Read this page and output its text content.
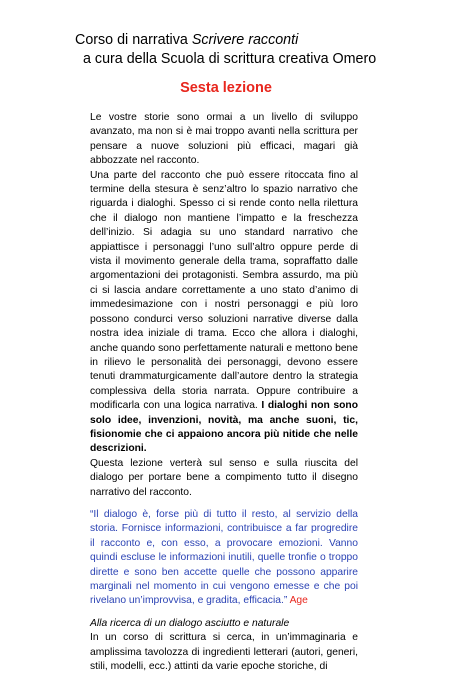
Corso di narrativa Scrivere racconti
a cura della Scuola di scrittura creativa Omero
Sesta lezione

Le vostre storie sono ormai a un livello di sviluppo avanzato, ma non si è mai troppo avanti nella scrittura per pensare a nuove soluzioni più efficaci, magari già abbozzate nel racconto.

Una parte del racconto che può essere ritoccata fino al termine della stesura è senz’altro lo spazio narrativo che riguarda i dialoghi. Spesso ci si rende conto nella rilettura che il dialogo non mantiene l’impatto e la freschezza dell’inizio. Si adagia su uno standard narrativo che appiattisce i personaggi l’uno sull’altro oppure perde di vista il movimento generale della trama, sopraffatto dalle argomentazioni dei protagonisti. Sembra assurdo, ma più ci si lascia andare correttamente a uno stato d’animo di immedesimazione con i nostri personaggi e più loro possono condurci verso soluzioni narrative diverse dalla nostra idea iniziale di trama. Ecco che allora i dialoghi, anche quando sono perfettamente naturali e mettono bene in rilievo le personalità dei personaggi, devono essere tenuti drammaturgicamente dall’autore dentro la strategia complessiva della storia narrata. Oppure contribuire a modificarla con una logica narrativa. I dialoghi non sono solo idee, invenzioni, novità, ma anche suoni, tic, fisionomie che ci appaiono ancora più nitide che nelle descrizioni.

Questa lezione verterà sul senso e sulla riuscita del dialogo per portare bene a compimento tutto il disegno narrativo del racconto.

“Il dialogo è, forse più di tutto il resto, al servizio della storia. Fornisce informazioni, contribuisce a far progredire il racconto e, con esso, a provocare emozioni. Vanno quindi escluse le informazioni inutili, quelle tronfie o troppo dirette e sono ben accette quelle che possono apparire marginali nel momento in cui vengono emesse e che poi rivelano un’improvvisa, e gradita, efficacia.” Age

Alla ricerca di un dialogo asciutto e naturale

In un corso di scrittura si cerca, in un’immaginaria e amplissima tavolozza di ingredienti letterari (autori, generi, stili, modelli, ecc.) attinti da varie epoche storiche, di
